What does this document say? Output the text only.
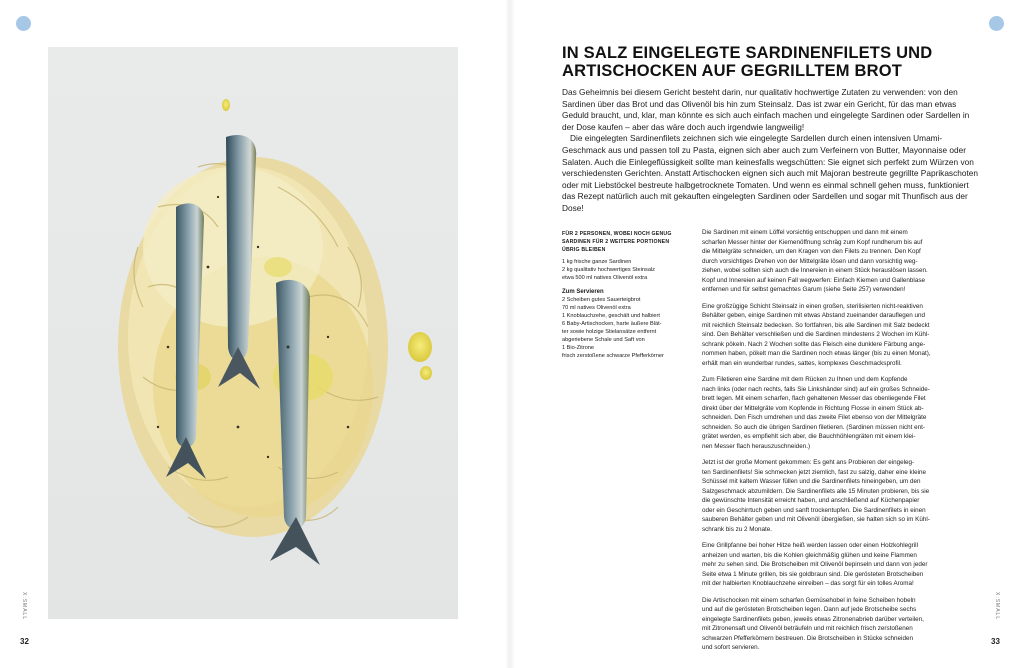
X:SMALL	X:SMALL
32	33
IN SALZ EINGELEGTE SARDINENFILETS UND
ARTISCHOCKEN AUF GEGRILLTEM BROT

Das Geheimnis bei diesem Gericht besteht darin, nur qualitativ hochwertige Zutaten zu verwenden: von den Sardinen über das Brot und das Olivenöl bis hin zum Steinsalz. Das ist zwar ein Gericht, für das man etwas Geduld braucht, und, klar, man könnte es sich auch einfach machen und eingelegte Sardinen oder Sardellen in der Dose kaufen – aber das wäre doch auch irgendwie langweilig!

Die eingelegten Sardinenfilets zeichnen sich wie eingelegte Sardellen durch einen intensiven Umami-Geschmack aus und passen toll zu Pasta, eignen sich aber auch zum Verfeinern von Butter, Mayonnaise oder Salaten. Auch die Einlegeflüssigkeit sollte man keinesfalls wegschütten: Sie eignet sich perfekt zum Würzen von verschiedensten Gerichten. Anstatt Artischocken eignen sich auch mit Majoran bestreute gegrillte Paprikaschoten oder mit Liebstöckel bestreute halbgetrocknete Tomaten. Und wenn es einmal schnell gehen muss, funktioniert das Rezept natürlich auch mit gekauften eingelegten Sardinen oder Sardellen und sogar mit Thunfisch aus der Dose!

FÜR 2 PERSONEN, WOBEI NOCH GENUG
SARDINEN FÜR 2 WEITERE PORTIONEN
ÜBRIG BLEIBEN

1 kg frische ganze Sardinen

2 kg qualitativ hochwertiges Steinsalz

etwa 500 ml natives Olivenöl extra

Zum Servieren

2 Scheiben gutes Sauerteigbrot

70 ml natives Olivenöl extra

1 Knoblauchzehe, geschält und halbiert

6 Baby-Artischocken, harte äußere Blät-

ter sowie holzige Stielansätze entfernt

abgeriebene Schale und Saft von

1 Bio-Zitrone

frisch zerstoßene schwarze Pfefferkörner

Die Sardinen mit einem Löffel vorsichtig entschuppen und dann mit einem
scharfen Messer hinter der Kiemenöffnung schräg zum Kopf rundherum bis auf
die Mittelgräte schneiden, um den Kragen von den Filets zu trennen. Den Kopf
durch vorsichtiges Drehen von der Mittelgräte lösen und dann vorsichtig weg-
ziehen, wobei sollten sich auch die Innereien in einem Stück herauslösen lassen.
Kopf und Innereien auf keinen Fall wegwerfen: Einfach Kiemen und Gallenblase
entfernen und für selbst gemachtes Garum (siehe Seite 257) verwenden!

Eine großzügige Schicht Steinsalz in einen großen, sterilisierten nicht-reaktiven
Behälter geben, einige Sardinen mit etwas Abstand zueinander darauflegen und
mit reichlich Steinsalz bedecken. So fortfahren, bis alle Sardinen mit Salz bedeckt
sind. Den Behälter verschließen und die Sardinen mindestens 2 Wochen im Kühl-
schrank pökeln. Nach 2 Wochen sollte das Fleisch eine dunklere Färbung ange-
nommen haben, pökelt man die Sardinen noch etwas länger (bis zu einen Monat),
erhält man ein wunderbar rundes, sattes, komplexes Geschmacksprofil.

Zum Filetieren eine Sardine mit dem Rücken zu Ihnen und dem Kopfende
nach links (oder nach rechts, falls Sie Linkshänder sind) auf ein großes Schneide-
brett legen. Mit einem scharfen, flach gehaltenen Messer das obenliegende Filet
direkt über der Mittelgräte vom Kopfende in Richtung Flosse in einem Stück ab-
schneiden. Den Fisch umdrehen und das zweite Filet ebenso von der Mittelgräte
schneiden. So auch die übrigen Sardinen filetieren. (Sardinen müssen nicht ent-
grätet werden, es empfiehlt sich aber, die Bauchhöhlengräten mit einem klei-
nen Messer flach herauszuschneiden.)

Jetzt ist der große Moment gekommen: Es geht ans Probieren der eingeleg-
ten Sardinenfilets! Sie schmecken jetzt ziemlich, fast zu salzig, daher eine kleine
Schüssel mit kaltem Wasser füllen und die Sardinenfilets hineingeben, um den
Salzgeschmack abzumildern. Die Sardinenfilets alle 15 Minuten probieren, bis sie
die gewünschte Intensität erreicht haben, und anschließend auf Küchenpapier
oder ein Geschirrtuch geben und sanft trockentupfen. Die Sardinenfilets in einen
sauberen Behälter geben und mit Olivenöl übergießen, sie halten sich so im Kühl-
schrank bis zu 2 Monate.

Eine Grillpfanne bei hoher Hitze heiß werden lassen oder einen Holzkohlegrill
anheizen und warten, bis die Kohlen gleichmäßig glühen und keine Flammen
mehr zu sehen sind. Die Brotscheiben mit Olivenöl bepinseln und dann von jeder
Seite etwa 1 Minute grillen, bis sie goldbraun sind. Die gerösteten Brotscheiben
mit der halbierten Knoblauchzehe einreiben – das sorgt für ein tolles Aroma!

Die Artischocken mit einem scharfen Gemüsehobel in feine Scheiben hobeln
und auf die gerösteten Brotscheiben legen. Dann auf jede Brotscheibe sechs
eingelegte Sardinenfilets geben, jeweils etwas Zitronenabrieb darüber verteilen,
mit Zitronensaft und Olivenöl beträufeln und mit reichlich frisch zerstoßenen
schwarzen Pfefferkörnern bestreuen. Die Brotscheiben in Stücke schneiden
und sofort servieren.
